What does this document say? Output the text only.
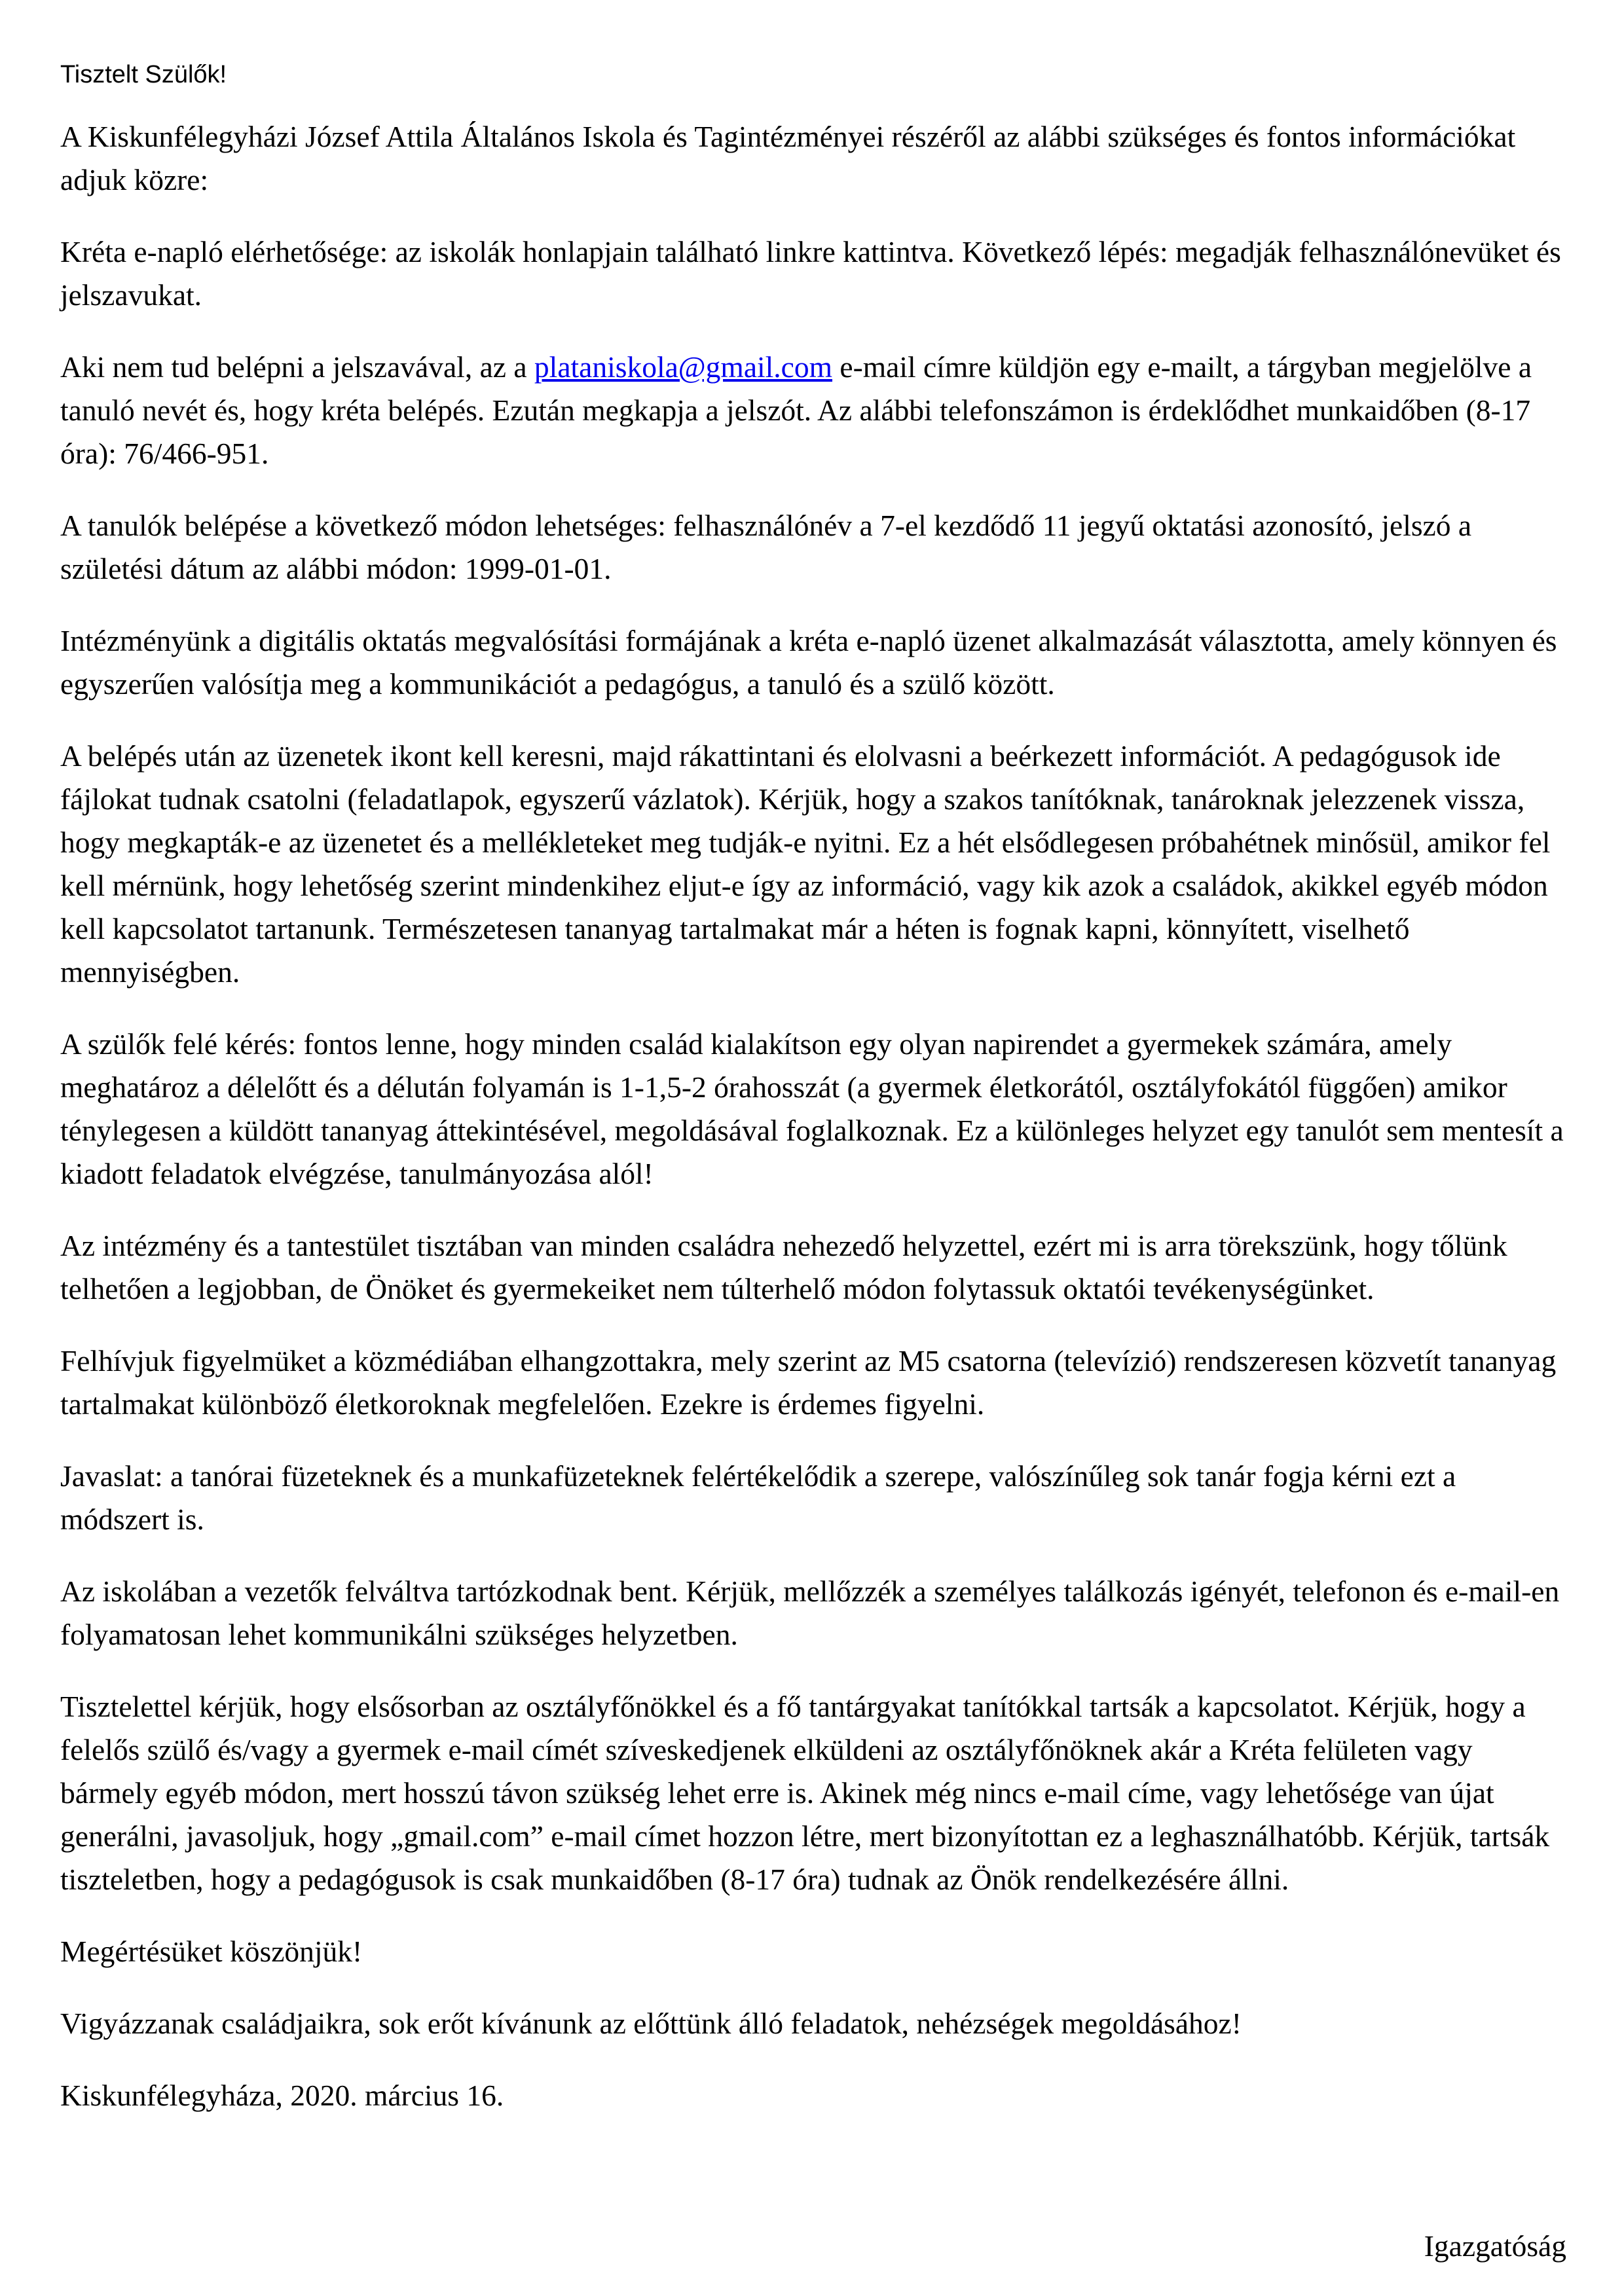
Tisztelt Szülők!

A Kiskunfélegyházi József Attila Általános Iskola és Tagintézményei részéről az alábbi szükséges és fontos információkat adjuk közre:

Kréta e-napló elérhetősége: az iskolák honlapjain található linkre kattintva. Következő lépés: megadják felhasználónevüket és jelszavukat.

Aki nem tud belépni a jelszavával, az a plataniskola@gmail.com e-mail címre küldjön egy e-mailt, a tárgyban megjelölve a tanuló nevét és, hogy kréta belépés. Ezután megkapja a jelszót. Az alábbi telefonszámon is érdeklődhet munkaidőben (8-17 óra): 76/466-951.

A tanulók belépése a következő módon lehetséges: felhasználónév a 7-el kezdődő 11 jegyű oktatási azonosító, jelszó a születési dátum az alábbi módon: 1999-01-01.

Intézményünk a digitális oktatás megvalósítási formájának a kréta e-napló üzenet alkalmazását választotta, amely könnyen és egyszerűen valósítja meg a kommunikációt a pedagógus, a tanuló és a szülő között.

A belépés után az üzenetek ikont kell keresni, majd rákattintani és elolvasni a beérkezett információt. A pedagógusok ide fájlokat tudnak csatolni (feladatlapok, egyszerű vázlatok). Kérjük, hogy a szakos tanítóknak, tanároknak jelezzenek vissza, hogy megkapták-e az üzenetet és a mellékleteket meg tudják-e nyitni. Ez a hét elsődlegesen próbahétnek minősül, amikor fel kell mérnünk, hogy lehetőség szerint mindenkihez eljut-e így az információ, vagy kik azok a családok, akikkel egyéb módon kell kapcsolatot tartanunk. Természetesen tananyag tartalmakat már a héten is fognak kapni, könnyített, viselhető mennyiségben.

A szülők felé kérés: fontos lenne, hogy minden család kialakítson egy olyan napirendet a gyermekek számára, amely meghatároz a délelőtt és a délután folyamán is 1-1,5-2 órahosszát (a gyermek életkorától, osztályfokától függően) amikor ténylegesen a küldött tananyag áttekintésével, megoldásával foglalkoznak. Ez a különleges helyzet egy tanulót sem mentesít a kiadott feladatok elvégzése, tanulmányozása alól!

Az intézmény és a tantestület tisztában van minden családra nehezedő helyzettel, ezért mi is arra törekszünk, hogy tőlünk telhetően a legjobban, de Önöket és gyermekeiket nem túlterhelő módon folytassuk oktatói tevékenységünket.

Felhívjuk figyelmüket a közmédiában elhangzottakra, mely szerint az M5 csatorna (televízió) rendszeresen közvetít tananyag tartalmakat különböző életkoroknak megfelelően. Ezekre is érdemes figyelni.

Javaslat: a tanórai füzeteknek és a munkafüzeteknek felértékelődik a szerepe, valószínűleg sok tanár fogja kérni ezt a módszert is.

Az iskolában a vezetők felváltva tartózkodnak bent. Kérjük, mellőzzék a személyes találkozás igényét, telefonon és e-mail-en folyamatosan lehet kommunikálni szükséges helyzetben.

Tisztelettel kérjük, hogy elsősorban az osztályfőnökkel és a fő tantárgyakat tanítókkal tartsák a kapcsolatot. Kérjük, hogy a felelős szülő és/vagy a gyermek e-mail címét szíveskedjenek elküldeni az osztályfőnöknek akár a Kréta felületen vagy bármely egyéb módon, mert hosszú távon szükség lehet erre is. Akinek még nincs e-mail címe, vagy lehetősége van újat generálni, javasoljuk, hogy „gmail.com” e-mail címet hozzon létre, mert bizonyítottan ez a leghasználhatóbb. Kérjük, tartsák tiszteletben, hogy a pedagógusok is csak munkaidőben (8-17 óra) tudnak az Önök rendelkezésére állni.

Megértésüket köszönjük!

Vigyázzanak családjaikra, sok erőt kívánunk az előttünk álló feladatok, nehézségek megoldásához!

Kiskunfélegyháza, 2020. március 16.

Igazgatóság
